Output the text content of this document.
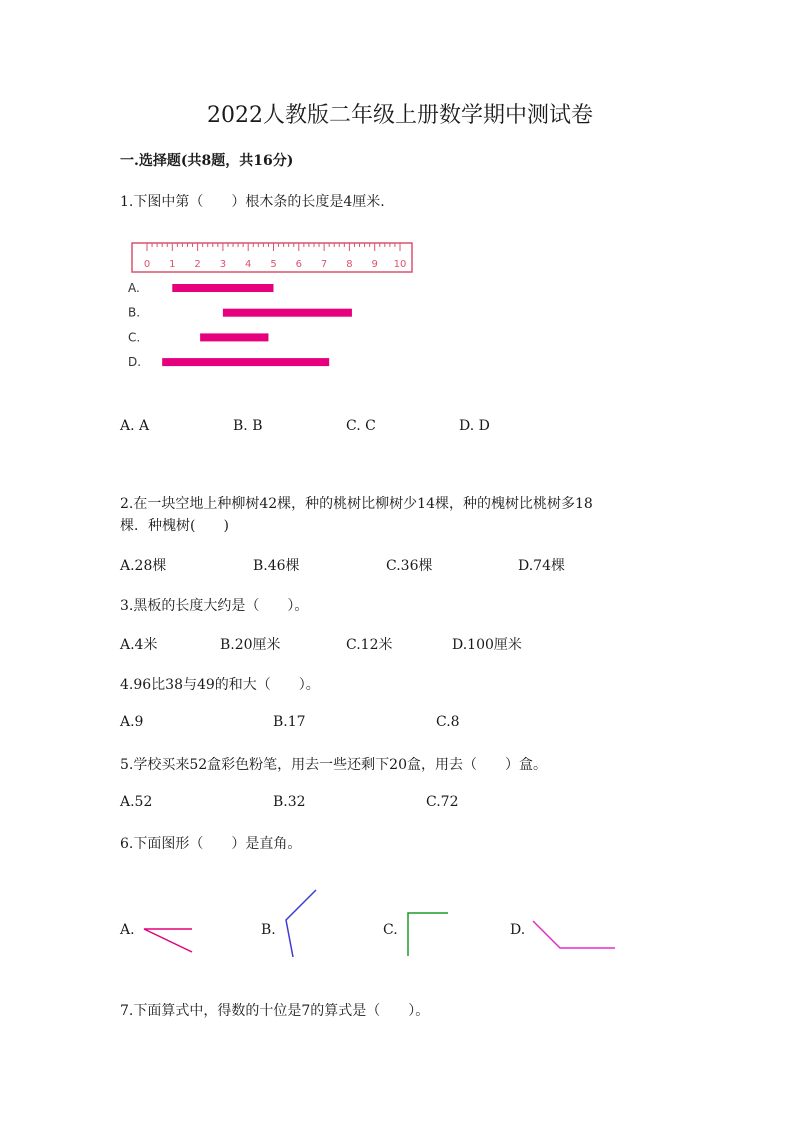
2022人教版二年级上册数学期中测试卷
一.选择题(共8题，共16分)
1.下图中第（　　）根木条的长度是4厘米.
0 1 2 3 4 5 6 7 8 9 10
A.
B.
C.
D.
A. A	B. B	C. C	D. D
2.在一块空地上种柳树42棵，种的桃树比柳树少14棵，种的槐树比桃树多18
棵．种槐树(　　)
A.28棵	B.46棵	C.36棵	D.74棵
3.黑板的长度大约是（　　）。
A.4米	B.20厘米	C.12米	D.100厘米
4.96比38与49的和大（　　）。
A.9	B.17	C.8
5.学校买来52盒彩色粉笔，用去一些还剩下20盒，用去（　　）盒。
A.52	B.32	C.72
6.下面图形（　　）是直角。
A.	B.	C.	D.
7.下面算式中，得数的十位是7的算式是（　　）。
